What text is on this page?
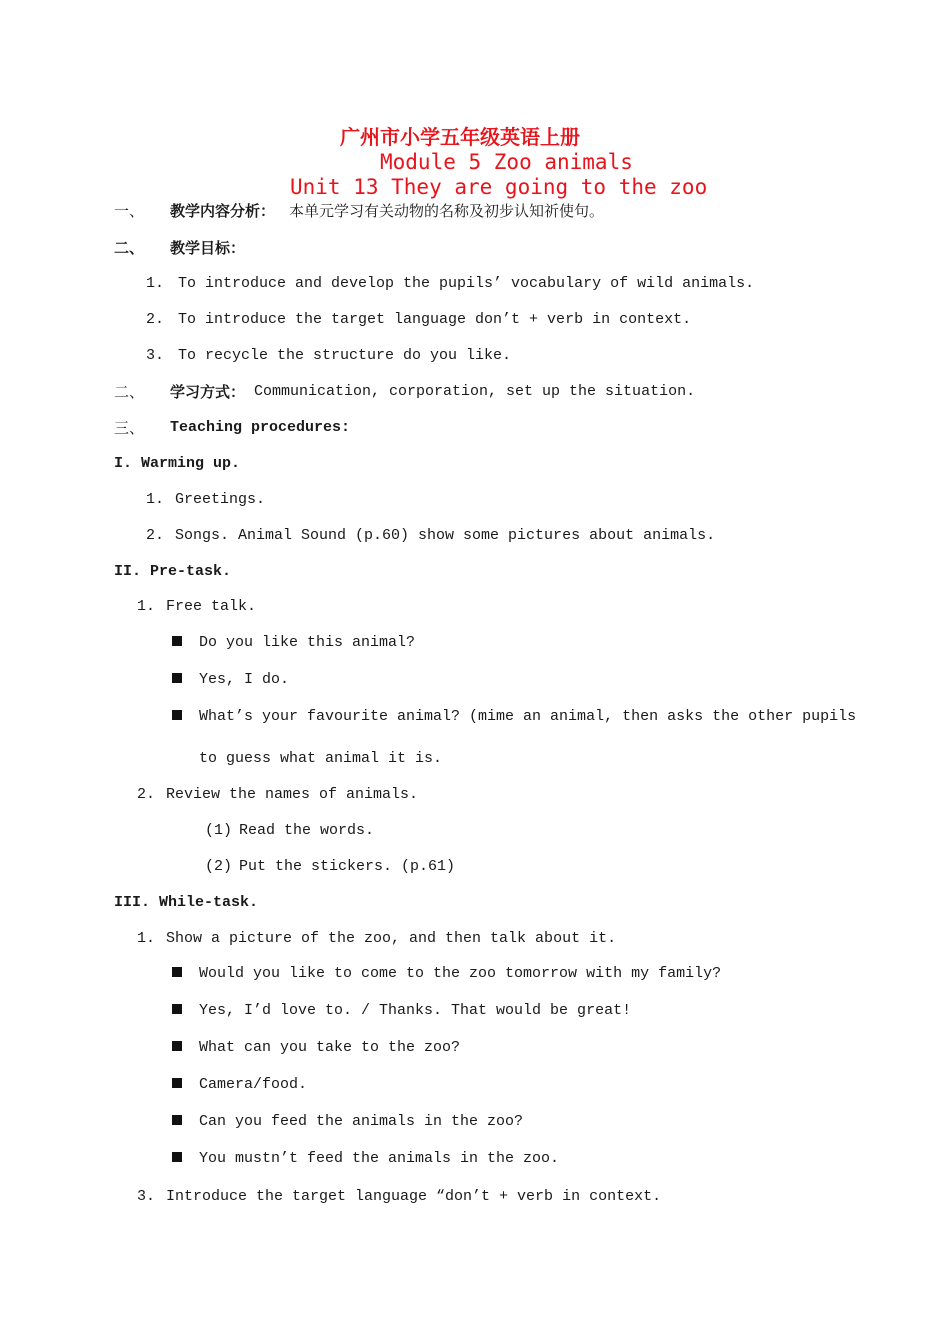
广州市小学五年级英语上册
Module 5 Zoo animals
Unit 13 They are going to the zoo
一、 教学内容分析： 本单元学习有关动物的名称及初步认知祈使句。
二、 教学目标：
1. To introduce and develop the pupils’ vocabulary of wild animals.
2. To introduce the target language don’t + verb in context.
3. To recycle the structure do you like.
二、 学习方式： Communication, corporation, set up the situation.
三、 Teaching procedures:
I. Warming up.
1. Greetings.
2. Songs. Animal Sound (p.60) show some pictures about animals.
II. Pre-task.
1. Free talk.
Do you like this animal?
Yes, I do.
What’s your favourite animal? (mime an animal, then asks the other pupils
to guess what animal it is.
2. Review the names of animals.
(1) Read the words.
(2) Put the stickers. (p.61)
III. While-task.
1. Show a picture of the zoo, and then talk about it.
Would you like to come to the zoo tomorrow with my family?
Yes, I’d love to. / Thanks. That would be great!
What can you take to the zoo?
Camera/food.
Can you feed the animals in the zoo?
You mustn’t feed the animals in the zoo.
3. Introduce the target language “don’t + verb in context.
